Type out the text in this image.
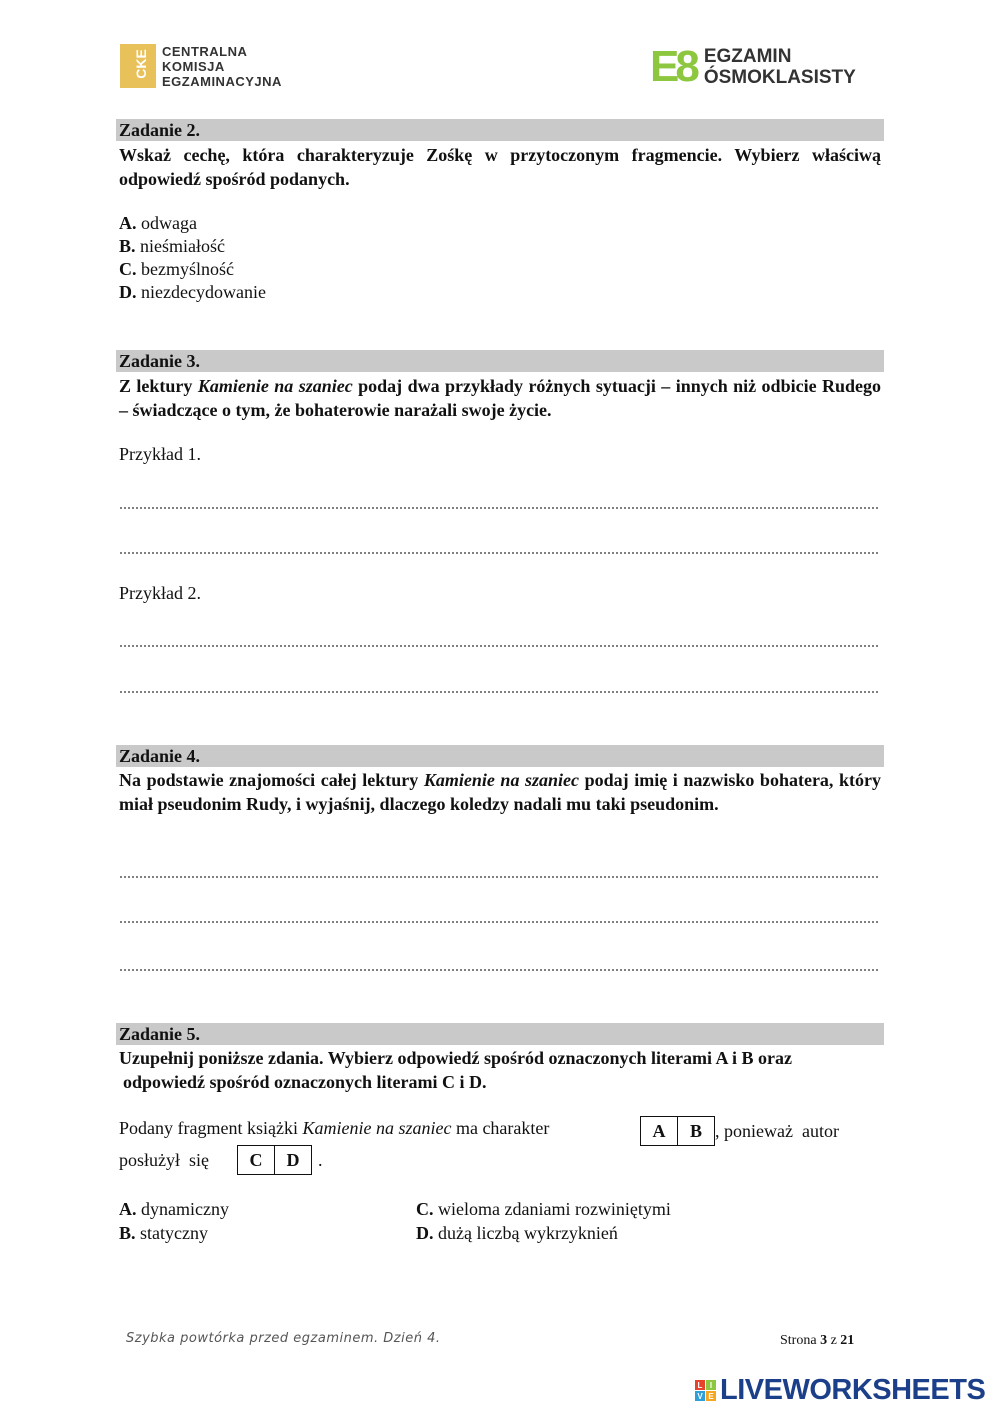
CKE CENTRALNA
KOMISJA
EGZAMINACYJNA	E8 EGZAMIN
ÓSMOKLASISTY
Zadanie 2.
Wskaż cechę, która charakteryzuje Zośkę w przytoczonym fragmencie. Wybierz właściwą odpowiedź spośród podanych.
A. odwaga
B. nieśmiałość
C. bezmyślność
D. niezdecydowanie
Zadanie 3.
Z lektury Kamienie na szaniec podaj dwa przykłady różnych sytuacji – innych niż odbicie Rudego – świadczące o tym, że bohaterowie narażali swoje życie.
Przykład 1.
Przykład 2.
Zadanie 4.
Na podstawie znajomości całej lektury Kamienie na szaniec podaj imię i nazwisko bohatera, który miał pseudonim Rudy, i wyjaśnij, dlaczego koledzy nadali mu taki pseudonim.
Zadanie 5.
Uzupełnij poniższe zdania. Wybierz odpowiedź spośród oznaczonych literami A i B oraz
odpowiedź spośród oznaczonych literami C i D.
Podany fragment książki Kamienie na szaniec ma charakter	A	B , ponieważ  autor
posłużył  się	C	D	.
A. dynamiczny
B. statyczny
C. wieloma zdaniami rozwiniętymi
D. dużą liczbą wykrzyknień
Szybka powtórka przed egzaminem. Dzień 4.	Strona 3 z 21
L I
V E LIVEWORKSHEETS
